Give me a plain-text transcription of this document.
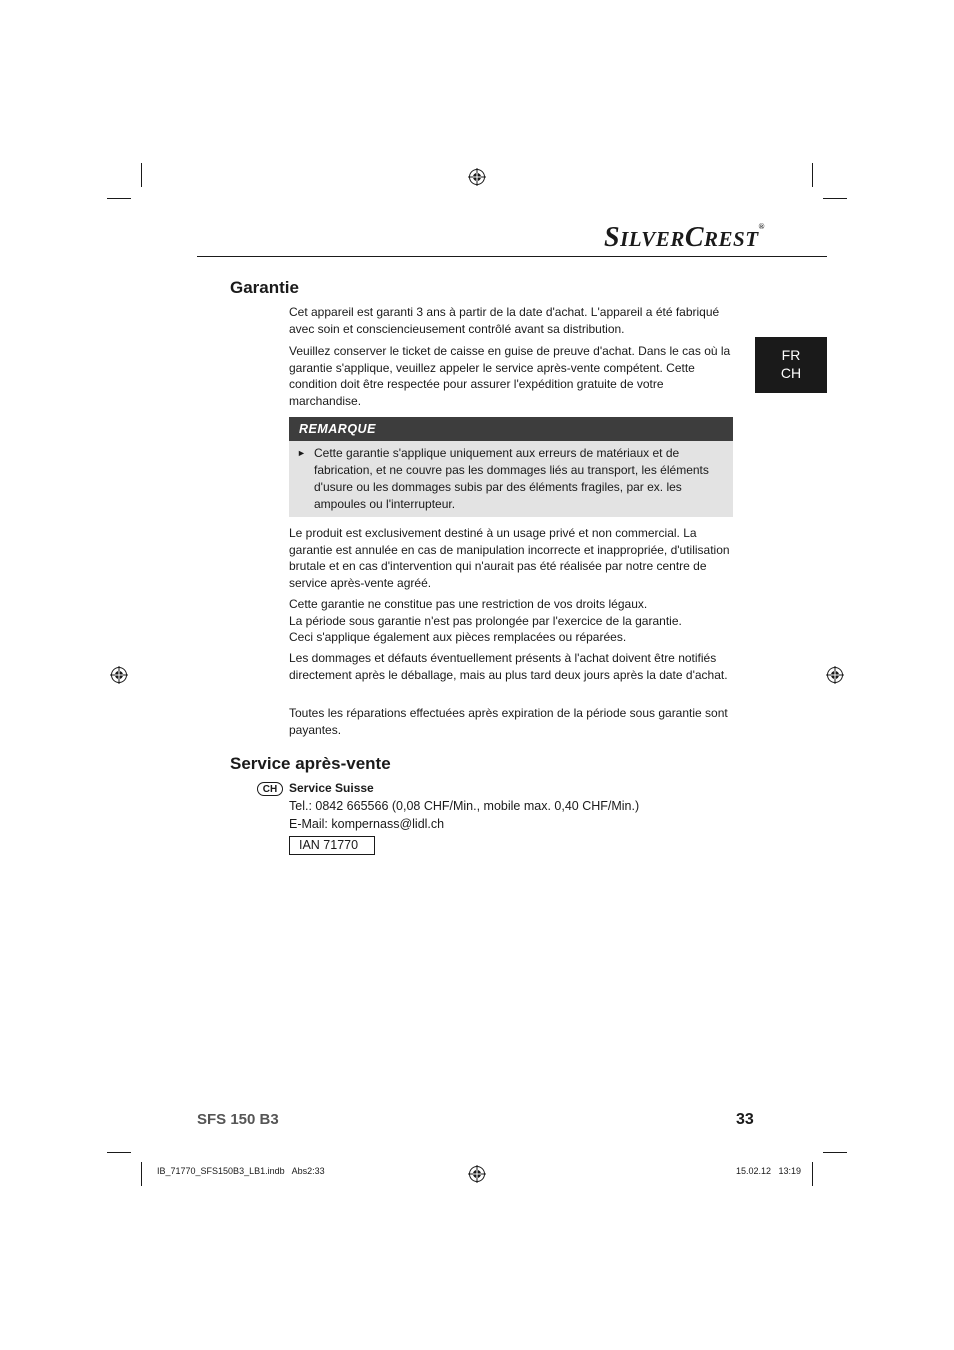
SILVERCREST®
FR
CH
Garantie
Cet appareil est garanti 3 ans à partir de la date d'achat. L'appareil a été fabriqué avec soin et consciencieusement contrôlé avant sa distribution.
Veuillez conserver le ticket de caisse en guise de preuve d'achat. Dans le cas où la garantie s'applique, veuillez appeler le service après-vente compétent. Cette condition doit être respectée pour assurer l'expédition gratuite de votre marchandise.
REMARQUE
► Cette garantie s'applique uniquement aux erreurs de matériaux et de fabrication, et ne couvre pas les dommages liés au transport, les éléments d'usure ou les dommages subis par des éléments fragiles, par ex. les ampoules ou l'interrupteur.
Le produit est exclusivement destiné à un usage privé et non commercial. La garantie est annulée en cas de manipulation incorrecte et inappropriée, d'utilisation brutale et en cas d'intervention qui n'aurait pas été réalisée par notre centre de service après-vente agréé.
Cette garantie ne constitue pas une restriction de vos droits légaux.
La période sous garantie n'est pas prolongée par l'exercice de la garantie.
Ceci s'applique également aux pièces remplacées ou réparées.
Les dommages et défauts éventuellement présents à l'achat doivent être notifiés directement après le déballage, mais au plus tard deux jours après la date d'achat.
Toutes les réparations effectuées après expiration de la période sous garantie sont payantes.
Service après-vente
CH Service Suisse
Tel.: 0842 665566 (0,08 CHF/Min., mobile max. 0,40 CHF/Min.)
E-Mail: kompernass@lidl.ch
IAN 71770
SFS 150 B3	33
IB_71770_SFS150B3_LB1.indb   Abs2:33	15.02.12   13:19
